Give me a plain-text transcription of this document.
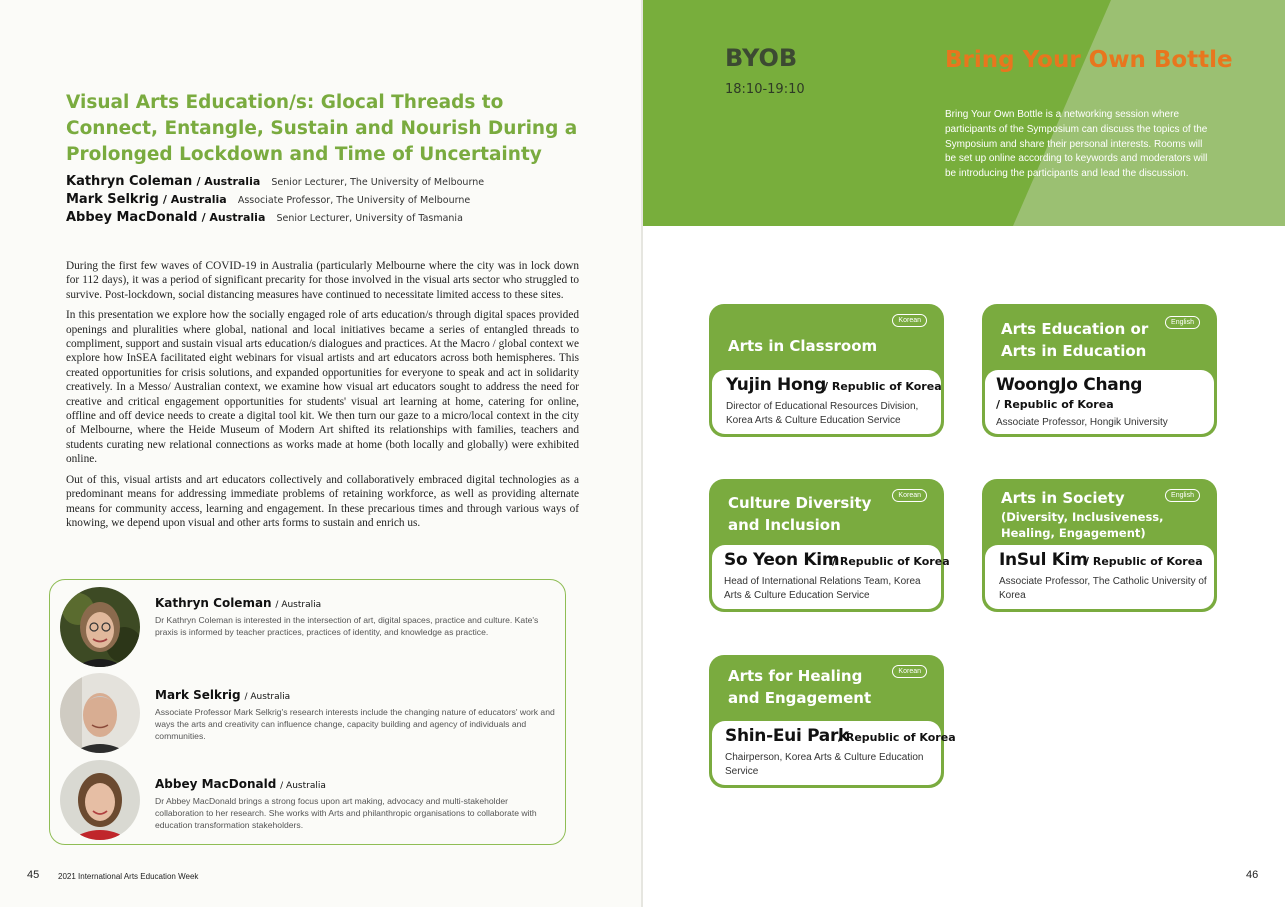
Visual Arts Education/s: Glocal Threads to Connect, Entangle, Sustain and Nourish During a Prolonged Lockdown and Time of Uncertainty
Kathryn Coleman / Australia Senior Lecturer, The University of Melbourne
Mark Selkrig / Australia Associate Professor, The University of Melbourne
Abbey MacDonald / Australia Senior Lecturer, University of Tasmania

During the first few waves of COVID-19 in Australia (particularly Melbourne where the city was in lock down for 112 days), it was a period of significant precarity for those involved in the visual arts sector who struggled to survive. Post-lockdown, social distancing measures have continued to necessitate limited access to these sites.

In this presentation we explore how the socially engaged role of arts education/s through digital spaces provided openings and pluralities where global, national and local initiatives became a series of entangled threads to compliment, support and sustain visual arts education/s dialogues and practices. At the Macro / global context we explore how InSEA facilitated eight webinars for visual artists and art educators across both hemispheres. This created opportunities for crisis solutions, and expanded opportunities for everyone to speak and act in solidarity creatively. In a Messo/ Australian context, we examine how visual art educators sought to address the need for creative and critical engagement opportunities for students' visual art learning at home, catering for online, offline and off device needs to create a digital tool kit. We then turn our gaze to a micro/local context in the city of Melbourne, where the Heide Museum of Modern Art shifted its relationships with families, teachers and students curating new relational connections as works made at home (both locally and globally) were exhibited online.

Out of this, visual artists and art educators collectively and collaboratively embraced digital technologies as a predominant means for addressing immediate problems of retaining workforce, as well as providing alternate means for community access, learning and engagement. In these precarious times and through various ways of knowing, we depend upon visual and other arts forms to sustain and enrich us.

Kathryn Coleman / Australia
Dr Kathryn Coleman is interested in the intersection of art, digital spaces, practice and culture. Kate's praxis is informed by teacher practices, practices of identity, and knowledge as practice.
Mark Selkrig / Australia
Associate Professor Mark Selkrig's research interests include the changing nature of educators' work and ways the arts and creativity can influence change, capacity building and agency of individuals and communities.
Abbey MacDonald / Australia
Dr Abbey MacDonald brings a strong focus upon art making, advocacy and multi-stakeholder collaboration to her research. She works with Arts and philanthropic organisations to collaborate with education transformation stakeholders.
45 2021 International Arts Education Week
BYOB
18:10-19:10
Bring Your Own Bottle
Bring Your Own Bottle is a networking session where participants of the Symposium can discuss the topics of the Symposium and share their personal interests. Rooms will be set up online according to keywords and moderators will be introducing the participants and lead the discussion.
Korean
Arts in Classroom
Yujin Hong
/ Republic of Korea
Director of Educational Resources Division, Korea Arts & Culture Education Service
English
Arts Education or Arts in Education
WoongJo Chang
/ Republic of Korea
Associate Professor, Hongik University
Korean
Culture Diversity and Inclusion
So Yeon Kim
/ Republic of Korea
Head of International Relations Team, Korea Arts & Culture Education Service
English
Arts in Society
(Diversity, Inclusiveness, Healing, Engagement)
InSul Kim
/ Republic of Korea
Associate Professor, The Catholic University of Korea
Korean
Arts for Healing and Engagement
Shin-Eui Park
/ Republic of Korea
Chairperson, Korea Arts & Culture Education Service
46
